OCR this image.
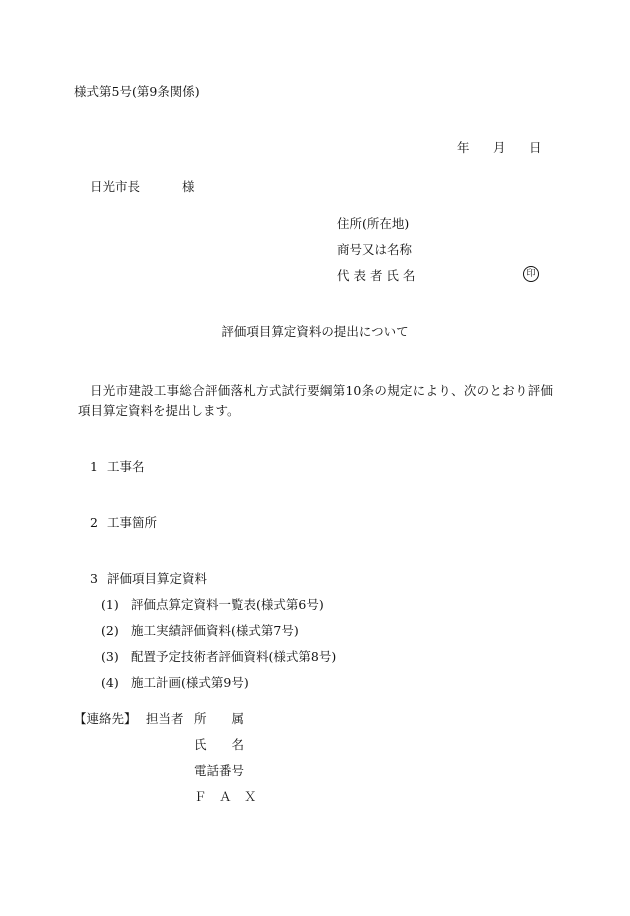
様式第5号(第9条関係)
年 月 日
日光市長	様
住所(所在地)
商号又は名称
代 表 者 氏 名	印
評価項目算定資料の提出について
日光市建設工事総合評価落札方式試行要綱第10条の規定により、次のとおり評価項目算定資料を提出します。
1 工事名
2 工事箇所
3 評価項目算定資料
(1) 評価点算定資料一覧表(様式第6号)
(2) 施工実績評価資料(様式第7号)
(3) 配置予定技術者評価資料(様式第8号)
(4) 施工計画(様式第9号)
【連絡先】 担当者 所　　属
氏　　名
電話番号
Ｆ　Ａ　Ｘ
